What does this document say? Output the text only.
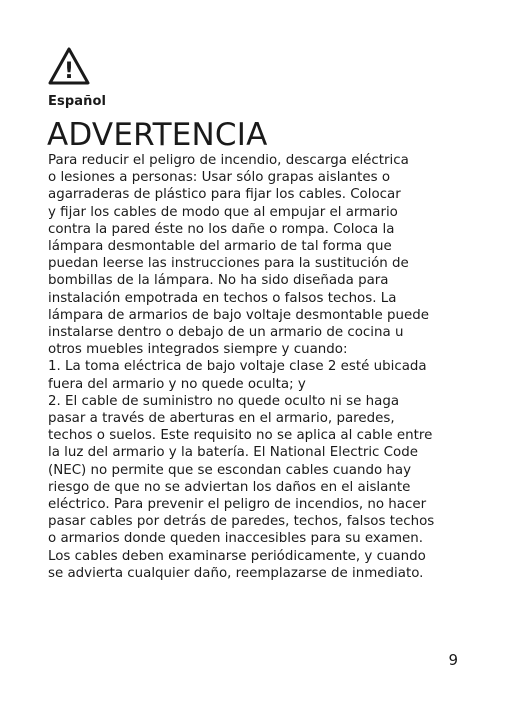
!
Español
ADVERTENCIA

Para reducir el peligro de incendio, descarga eléctrica
o lesiones a personas: Usar sólo grapas aislantes o
agarraderas de plástico para fijar los cables. Colocar
y fijar los cables de modo que al empujar el armario
contra la pared éste no los dañe o rompa. Coloca la
lámpara desmontable del armario de tal forma que
puedan leerse las instrucciones para la sustitución de
bombillas de la lámpara. No ha sido diseñada para
instalación empotrada en techos o falsos techos. La
lámpara de armarios de bajo voltaje desmontable puede
instalarse dentro o debajo de un armario de cocina u
otros muebles integrados siempre y cuando:
1. La toma eléctrica de bajo voltaje clase 2 esté ubicada
fuera del armario y no quede oculta; y
2. El cable de suministro no quede oculto ni se haga
pasar a través de aberturas en el armario, paredes,
techos o suelos. Este requisito no se aplica al cable entre
la luz del armario y la batería. El National Electric Code
(NEC) no permite que se escondan cables cuando hay
riesgo de que no se adviertan los daños en el aislante
eléctrico. Para prevenir el peligro de incendios, no hacer
pasar cables por detrás de paredes, techos, falsos techos
o armarios donde queden inaccesibles para su examen.
Los cables deben examinarse periódicamente, y cuando
se advierta cualquier daño, reemplazarse de inmediato.

9
